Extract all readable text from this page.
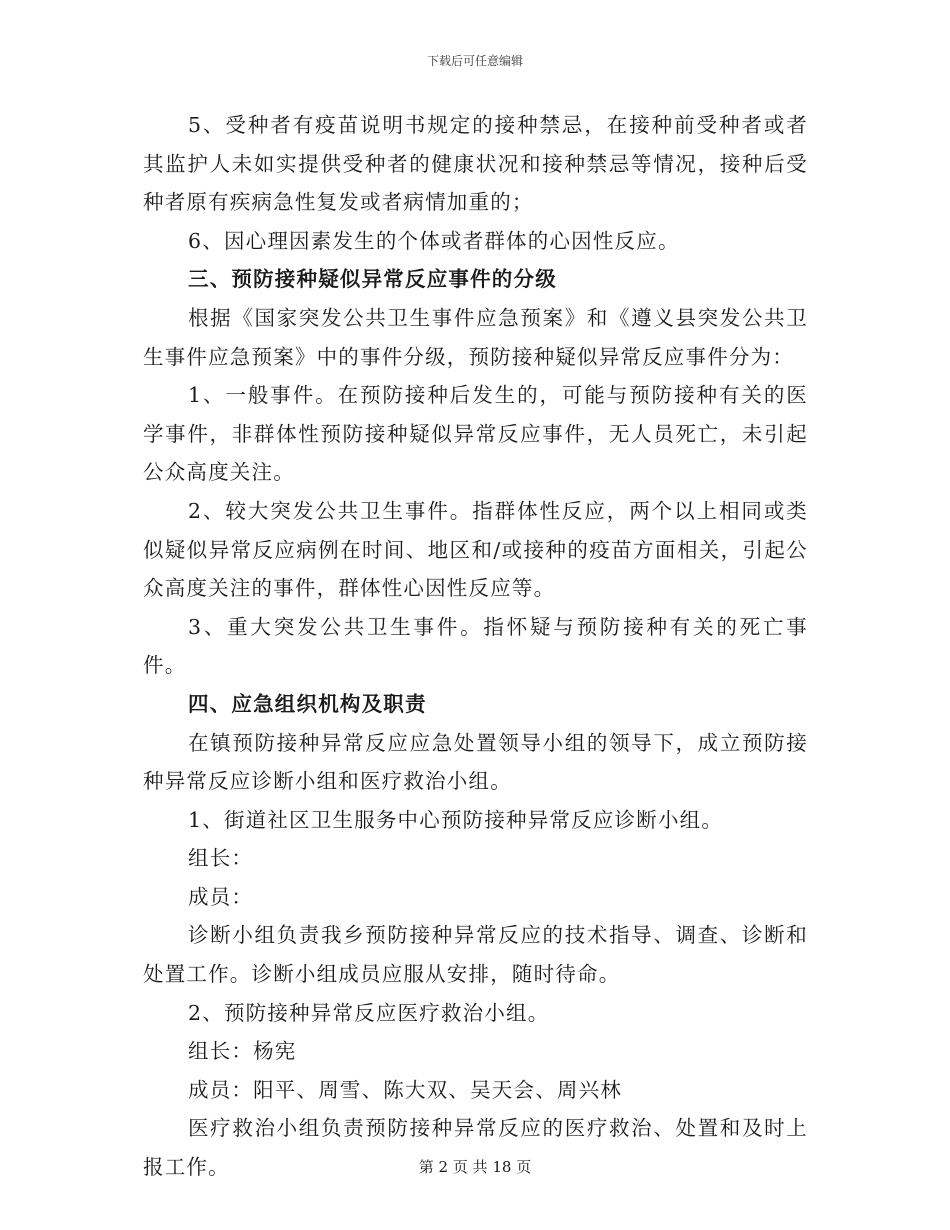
下载后可任意编辑

5、受种者有疫苗说明书规定的接种禁忌，在接种前受种者或者其监护人未如实提供受种者的健康状况和接种禁忌等情况，接种后受种者原有疾病急性复发或者病情加重的；

6、因心理因素发生的个体或者群体的心因性反应。

三、预防接种疑似异常反应事件的分级

根据《国家突发公共卫生事件应急预案》和《遵义县突发公共卫生事件应急预案》中的事件分级，预防接种疑似异常反应事件分为：

1、一般事件。在预防接种后发生的，可能与预防接种有关的医学事件，非群体性预防接种疑似异常反应事件，无人员死亡，未引起公众高度关注。

2、较大突发公共卫生事件。指群体性反应，两个以上相同或类似疑似异常反应病例在时间、地区和/或接种的疫苗方面相关，引起公众高度关注的事件，群体性心因性反应等。

3、重大突发公共卫生事件。指怀疑与预防接种有关的死亡事件。

四、应急组织机构及职责

在镇预防接种异常反应应急处置领导小组的领导下，成立预防接种异常反应诊断小组和医疗救治小组。

1、街道社区卫生服务中心预防接种异常反应诊断小组。

组长：

成员：

诊断小组负责我乡预防接种异常反应的技术指导、调查、诊断和处置工作。诊断小组成员应服从安排，随时待命。

2、预防接种异常反应医疗救治小组。

组长：杨宪

成员：阳平、周雪、陈大双、吴天会、周兴林

医疗救治小组负责预防接种异常反应的医疗救治、处置和及时上报工作。	第 2 页 共 18 页
